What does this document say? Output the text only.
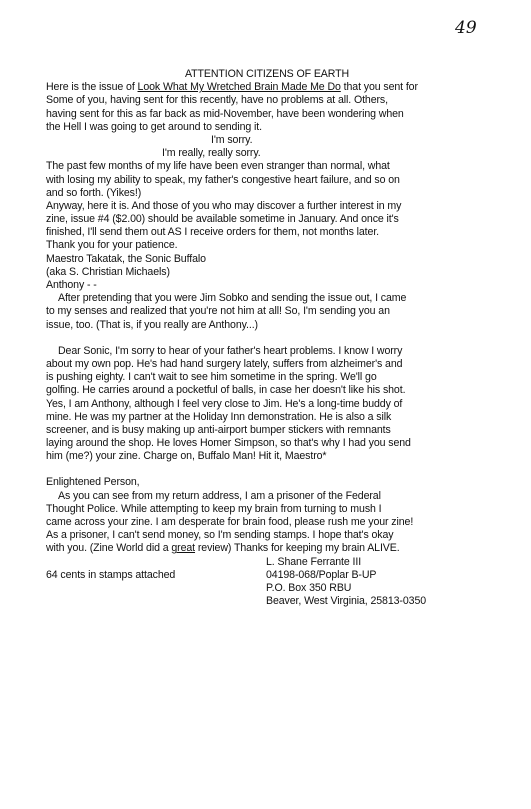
49
ATTENTION CITIZENS OF EARTH
Here is the issue of Look What My Wretched Brain Made Me Do that you sent for
Some of you, having sent for this recently, have no problems at all. Others,
having sent for this as far back as mid-November, have been wondering when
the Hell I was going to get around to sending it.
I'm sorry.
I'm really, really sorry.
The past few months of my life have been even stranger than normal, what
with losing my ability to speak, my father's congestive heart failure, and so on
and so forth. (Yikes!)
Anyway, here it is. And those of you who may discover a further interest in my
zine, issue #4 ($2.00) should be available sometime in January. And once it's
finished, I'll send them out AS I receive orders for them, not months later.
Thank you for your patience.
Maestro Takatak, the Sonic Buffalo
(aka S. Christian Michaels)
Anthony - -
After pretending that you were Jim Sobko and sending the issue out, I came
to my senses and realized that you're not him at all! So, I'm sending you an
issue, too. (That is, if you really are Anthony...)
Dear Sonic, I'm sorry to hear of your father's heart problems. I know I worry
about my own pop. He's had hand surgery lately, suffers from alzheimer's and
is pushing eighty. I can't wait to see him sometime in the spring. We'll go
golfing. He carries around a pocketful of balls, in case her doesn't like his shot.
Yes, I am Anthony, although I feel very close to Jim. He's a long-time buddy of
mine. He was my partner at the Holiday Inn demonstration. He is also a silk
screener, and is busy making up anti-airport bumper stickers with remnants
laying around the shop. He loves Homer Simpson, so that's why I had you send
him (me?) your zine. Charge on, Buffalo Man! Hit it, Maestro*
Enlightened Person,
As you can see from my return address, I am a prisoner of the Federal
Thought Police. While attempting to keep my brain from turning to mush I
came across your zine. I am desperate for brain food, please rush me your zine!
As a prisoner, I can't send money, so I'm sending stamps. I hope that's okay
with you. (Zine World did a great review) Thanks for keeping my brain ALIVE.
L. Shane Ferrante III
64 cents in stamps attached	04198-068/Poplar B-UP
P.O. Box 350 RBU
Beaver, West Virginia, 25813-0350
